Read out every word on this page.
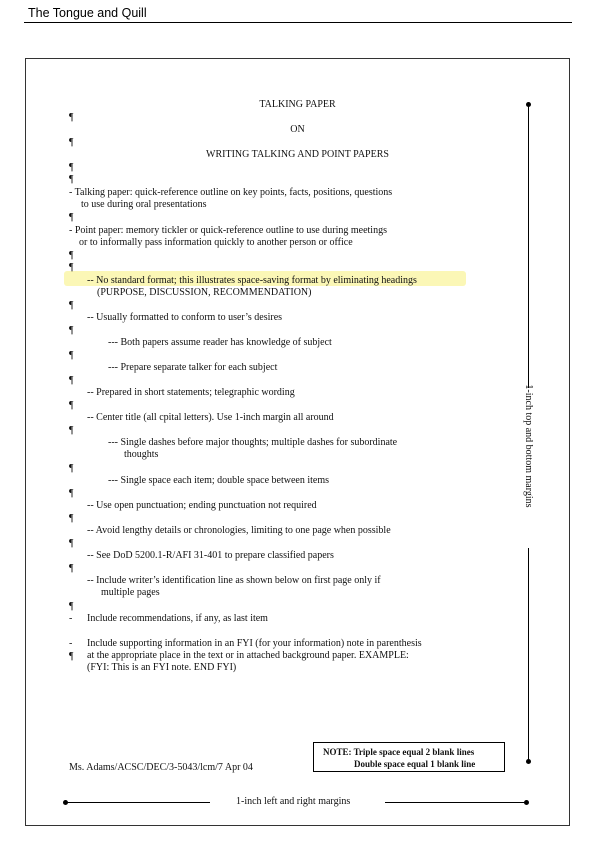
The Tongue and Quill
TALKING PAPER
ON
WRITING TALKING AND POINT PAPERS
¶
¶
¶
¶
¶
¶
¶
¶
¶
¶
¶
¶
¶
¶
¶
¶
¶
¶
¶
¶
- Talking paper: quick-reference outline on key points, facts, positions, questions
to use during oral presentations
- Point paper: memory tickler or quick-reference outline to use during meetings
or to informally pass information quickly to another person or office
-- No standard format; this illustrates space-saving format by eliminating headings
(PURPOSE, DISCUSSION, RECOMMENDATION)
-- Usually formatted to conform to user’s desires
--- Both papers assume reader has knowledge of subject
--- Prepare separate talker for each subject
-- Prepared in short statements; telegraphic wording
-- Center title (all cpital letters). Use 1-inch margin all around
--- Single dashes before major thoughts; multiple dashes for subordinate
thoughts
--- Single space each item; double space between items
-- Use open punctuation; ending punctuation not required
-- Avoid lengthy details or chronologies, limiting to one page when possible
-- See DoD 5200.1-R/AFI 31-401 to prepare classified papers
-- Include writer’s identification line as shown below on first page only if
multiple pages
- Include recommendations, if any, as last item
- Include supporting information in an FYI (for your information) note in parenthesis
at the appropriate place in the text or in attached background paper. EXAMPLE:
(FYI: This is an FYI note. END FYI)
Ms. Adams/ACSC/DEC/3-5043/lcm/7 Apr 04
NOTE: Triple space equal 2 blank lines
Double space equal 1 blank line
1-inch top and bottom margins
1-inch left and right margins
